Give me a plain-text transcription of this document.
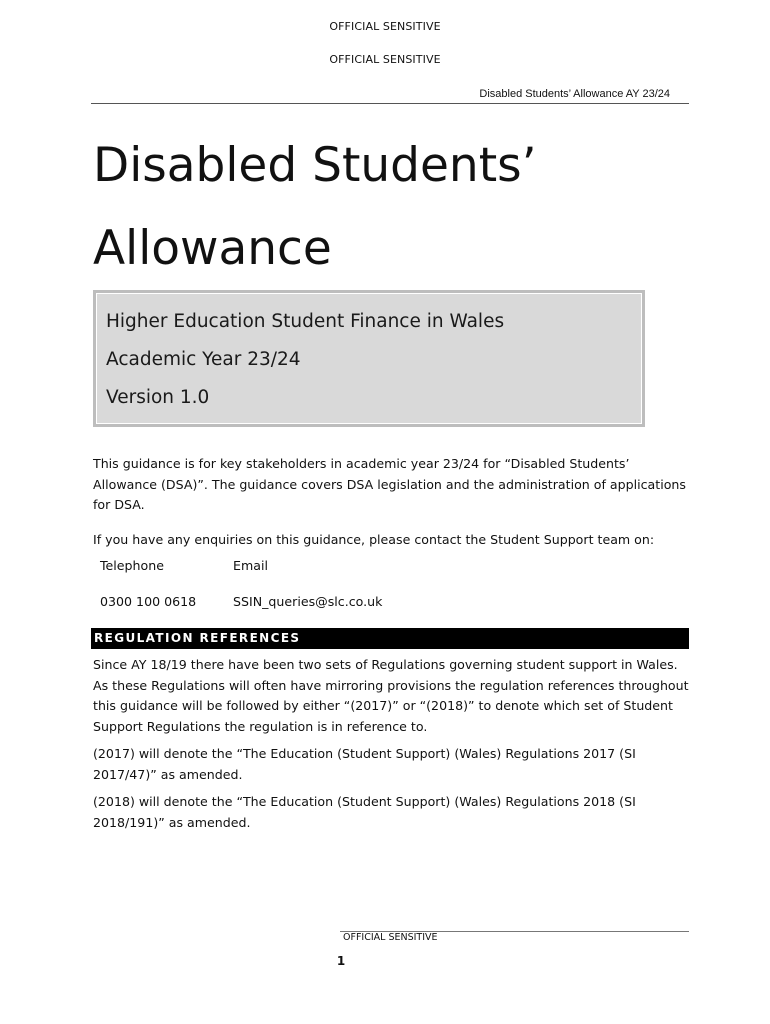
OFFICIAL SENSITIVE
OFFICIAL SENSITIVE
Disabled Students’ Allowance AY 23/24
Disabled Students’
Allowance
Higher Education Student Finance in Wales
Academic Year 23/24
Version 1.0

This guidance is for key stakeholders in academic year 23/24 for “Disabled Students’ Allowance (DSA)”. The guidance covers DSA legislation and the administration of applications for DSA.

If you have any enquiries on this guidance, please contact the Student Support team on:

Telephone	Email
0300 100 0618	SSIN_queries@slc.co.uk
REGULATION REFERENCES

Since AY 18/19 there have been two sets of Regulations governing student support in Wales. As these Regulations will often have mirroring provisions the regulation references throughout this guidance will be followed by either “(2017)” or “(2018)” to denote which set of Student Support Regulations the regulation is in reference to.

(2017) will denote the “The Education (Student Support) (Wales) Regulations 2017 (SI 2017/47)” as amended.

(2018) will denote the “The Education (Student Support) (Wales) Regulations 2018 (SI 2018/191)” as amended.

OFFICIAL SENSITIVE
1
